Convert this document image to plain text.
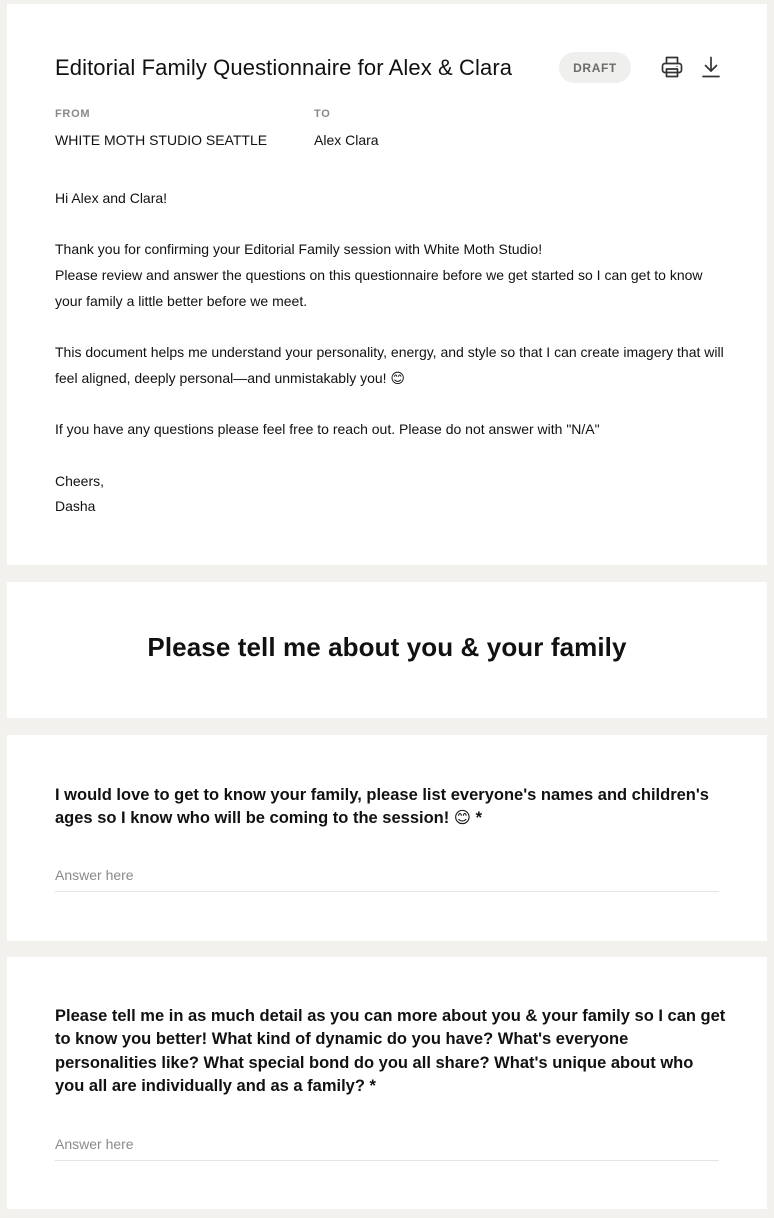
Editorial Family Questionnaire for Alex & Clara	DRAFT
FROM
WHITE MOTH STUDIO SEATTLE
TO
Alex Clara

Hi Alex and Clara!

Thank you for confirming your Editorial Family session with White Moth Studio!

Please review and answer the questions on this questionnaire before we get started so I can get to know your family a little better before we meet.

This document helps me understand your personality, energy, and style so that I can create imagery that will feel aligned, deeply personal—and unmistakably you! 😊

If you have any questions please feel free to reach out. Please do not answer with "N/A"

Cheers,

Dasha

Please tell me about you & your family
I would love to get to know your family, please list everyone's names and children's ages so I know who will be coming to the session! 😊 *
Answer here
Please tell me in as much detail as you can more about you & your family so I can get to know you better! What kind of dynamic do you have? What's everyone personalities like? What special bond do you all share? What's unique about who you all are individually and as a family? *
Answer here
